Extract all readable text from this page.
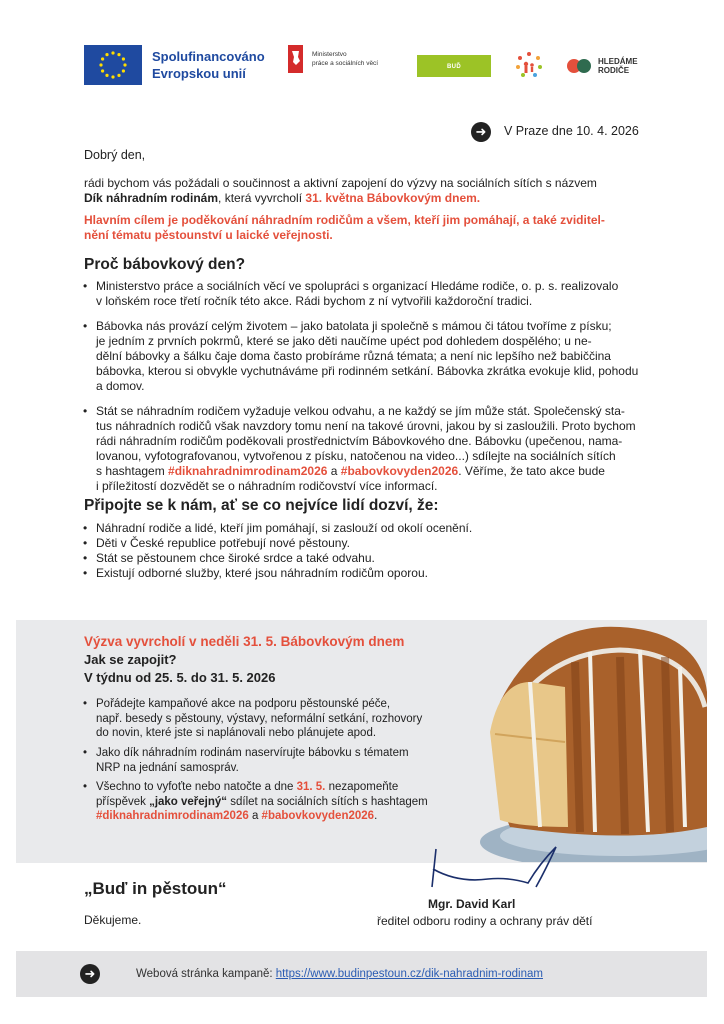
Spolufinancováno
Evropskou unií
Ministerstvo
práce a sociálních věcí	BUĎ IN PĚSTOUN
HLEDÁME
RODIČE
➜	V Praze dne 10. 4. 2026
Dobrý den,
rádi bychom vás požádali o součinnost a aktivní zapojení do výzvy na sociálních sítích s názvem
Dík náhradním rodinám, která vyvrcholí 31. května Bábovkovým dnem.
Hlavním cílem je poděkování náhradním rodičům a všem, kteří jim pomáhají, a také zviditel-
nění tématu pěstounství u laické veřejnosti.
Proč bábovkový den?
• Ministerstvo práce a sociálních věcí ve spolupráci s organizací Hledáme rodiče, o. p. s. realizovalo
v loňském roce třetí ročník této akce. Rádi bychom z ní vytvořili každoroční tradici.
• Bábovka nás provází celým životem – jako batolata ji společně s mámou či tátou tvoříme z písku;
je jedním z prvních pokrmů, které se jako děti naučíme upéct pod dohledem dospělého; u ne-
dělní bábovky a šálku čaje doma často probíráme různá témata; a není nic lepšího než babiččina
bábovka, kterou si obvykle vychutnáváme při rodinném setkání. Bábovka zkrátka evokuje klid, pohodu
a domov.
• Stát se náhradním rodičem vyžaduje velkou odvahu, a ne každý se jím může stát. Společenský sta-
tus náhradních rodičů však navzdory tomu není na takové úrovni, jakou by si zasloužili. Proto bychom
rádi náhradním rodičům poděkovali prostřednictvím Bábovkového dne. Bábovku (upečenou, nama-
lovanou, vyfotografovanou, vytvořenou z písku, natočenou na video...) sdílejte na sociálních sítích
s hashtagem #diknahradnimrodinam2026 a #babovkovyden2026. Věříme, že tato akce bude
i příležitostí dozvědět se o náhradním rodičovství více informací.
Připojte se k nám, ať se co nejvíce lidí dozví, že:
• Náhradní rodiče a lidé, kteří jim pomáhají, si zaslouží od okolí ocenění.
• Děti v České republice potřebují nové pěstouny.
• Stát se pěstounem chce široké srdce a také odvahu.
• Existují odborné služby, které jsou náhradním rodičům oporou.
Výzva vyvrcholí v neděli 31. 5. Bábovkovým dnem
Jak se zapojit?
V týdnu od 25. 5. do 31. 5. 2026
• Pořádejte kampaňové akce na podporu pěstounské péče,
např. besedy s pěstouny, výstavy, neformální setkání, rozhovory
do novin, které jste si naplánovali nebo plánujete apod.
• Jako dík náhradním rodinám naservírujte bábovku s tématem
NRP na jednání samospráv.
• Všechno to vyfoťte nebo natočte a dne 31. 5. nezapomeňte
příspěvek „jako veřejný“ sdílet na sociálních sítích s hashtagem
#diknahradnimrodinam2026 a #babovkovyden2026.
„Buď in pěstoun“
Děkujeme.
Mgr. David Karl
ředitel odboru rodiny a ochrany práv dětí
➜	Webová stránka kampaně: https://www.budinpestoun.cz/dik-nahradnim-rodinam
